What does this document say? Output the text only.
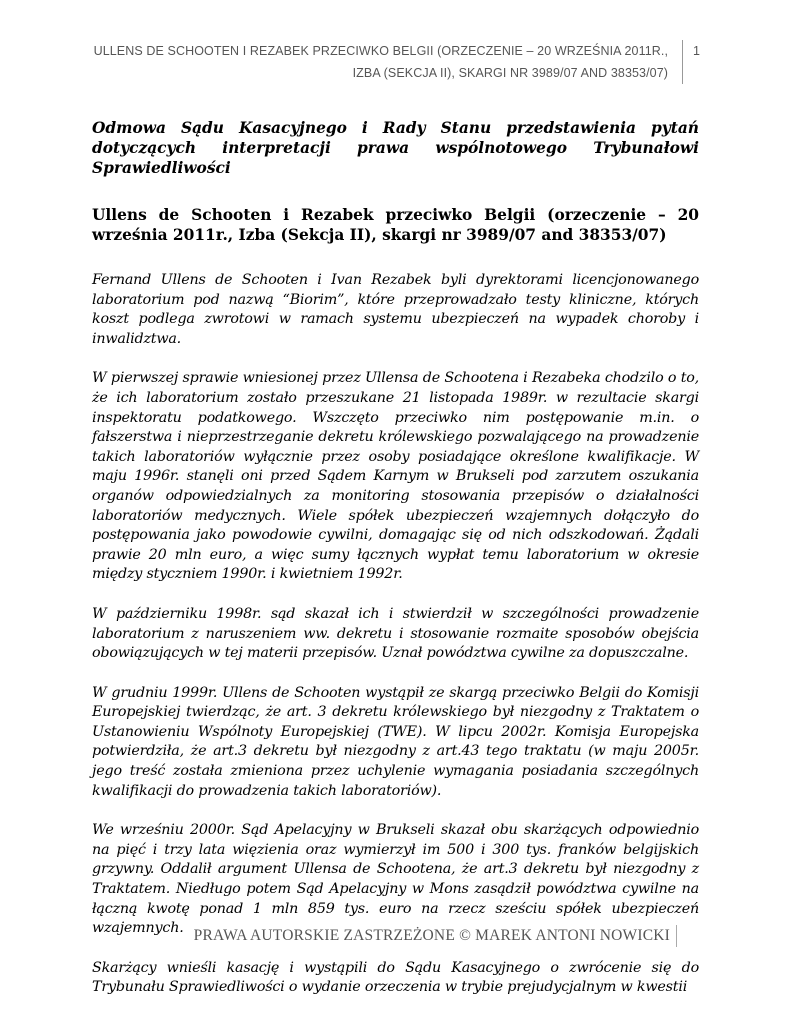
ULLENS DE SCHOOTEN I REZABEK PRZECIWKO BELGII (ORZECZENIE – 20 WRZEŚNIA 2011R.,
IZBA (SEKCJA II), SKARGI NR 3989/07 AND 38353/07)
1

Odmowa Sądu Kasacyjnego i Rady Stanu przedstawienia pytań dotyczących interpretacji prawa wspólnotowego Trybunałowi Sprawiedliwości

Ullens de Schooten i Rezabek przeciwko Belgii (orzeczenie – 20 września 2011r., Izba (Sekcja II), skargi nr 3989/07 and 38353/07)

Fernand Ullens de Schooten i Ivan Rezabek byli dyrektorami licencjonowanego laboratorium pod nazwą “Biorim”, które przeprowadzało testy kliniczne, których koszt podlega zwrotowi w ramach systemu ubezpieczeń na wypadek choroby i inwalidztwa.

W pierwszej sprawie wniesionej przez Ullensa de Schootena i Rezabeka chodzilo o to, że ich laboratorium zostało przeszukane 21 listopada 1989r. w rezultacie skargi inspektoratu podatkowego. Wszczęto przeciwko nim postępowanie m.in. o fałszerstwa i nieprzestrzeganie dekretu królewskiego pozwalającego na prowadzenie takich laboratoriów wyłącznie przez osoby posiadające określone kwalifikacje. W maju 1996r. stanęli oni przed Sądem Karnym w Brukseli pod zarzutem oszukania organów odpowiedzialnych za monitoring stosowania przepisów o działalności laboratoriów medycznych. Wiele spółek ubezpieczeń wzajemnych dołączyło do postępowania jako powodowie cywilni, domagając się od nich odszkodowań. Żądali prawie 20 mln euro, a więc sumy łącznych wypłat temu laboratorium w okresie między styczniem 1990r. i kwietniem 1992r.

W październiku 1998r. sąd skazał ich i stwierdził w szczególności prowadzenie laboratorium z naruszeniem ww. dekretu i stosowanie rozmaite sposobów obejścia obowiązujących w tej materii przepisów. Uznał powództwa cywilne za dopuszczalne.

W grudniu 1999r. Ullens de Schooten wystąpił ze skargą przeciwko Belgii do Komisji Europejskiej twierdząc, że art. 3 dekretu królewskiego był niezgodny z Traktatem o Ustanowieniu Wspólnoty Europejskiej (TWE). W lipcu 2002r. Komisja Europejska potwierdziła, że art.3 dekretu był niezgodny z art.43 tego traktatu (w maju 2005r. jego treść została zmieniona przez uchylenie wymagania posiadania szczególnych kwalifikacji do prowadzenia takich laboratoriów).

We wrześniu 2000r. Sąd Apelacyjny w Brukseli skazał obu skarżących odpowiednio na pięć i trzy lata więzienia oraz wymierzył im 500 i 300 tys. franków belgijskich grzywny. Oddalił argument Ullensa de Schootena, że art.3 dekretu był niezgodny z Traktatem. Niedługo potem Sąd Apelacyjny w Mons zasądził powództwa cywilne na łączną kwotę ponad 1 mln 859 tys. euro na rzecz sześciu spółek ubezpieczeń wzajemnych.

Skarżący wnieśli kasację i wystąpili do Sądu Kasacyjnego o zwrócenie się do Trybunału Sprawiedliwości o wydanie orzeczenia w trybie prejudycjalnym w kwestii

PRAWA AUTORSKIE ZASTRZEŻONE © MAREK ANTONI NOWICKI
